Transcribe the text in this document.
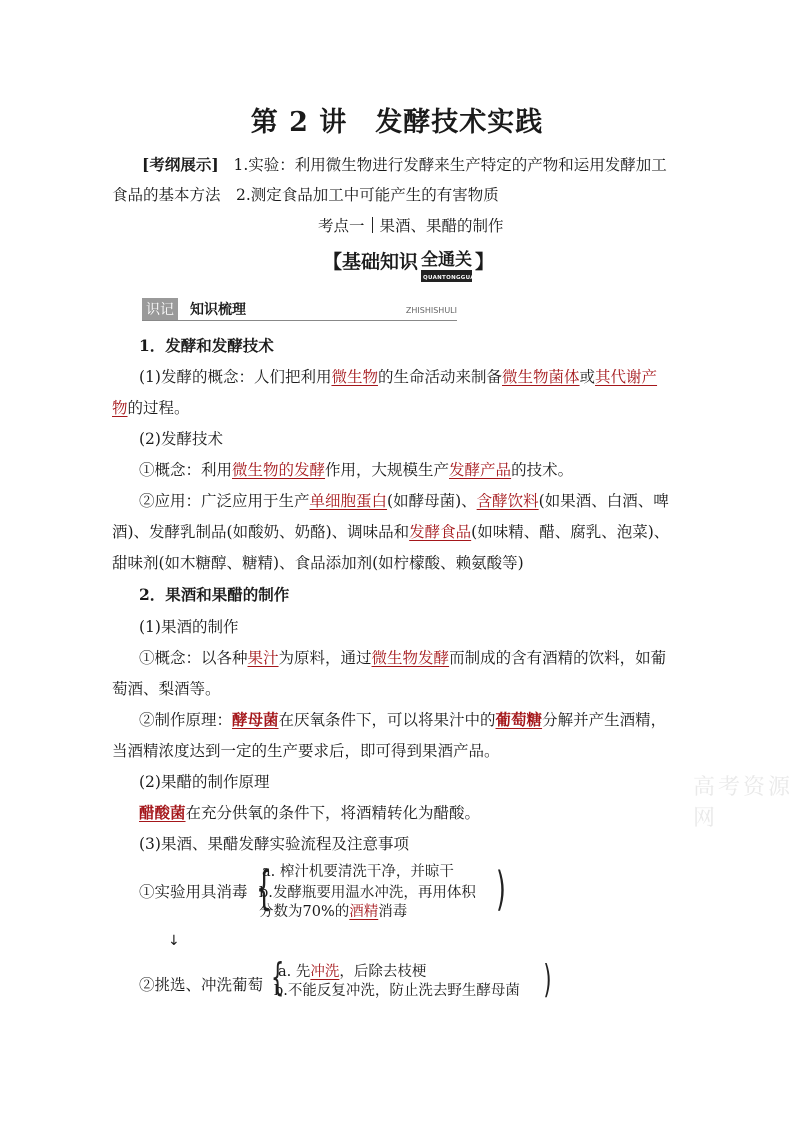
第 2 讲　发酵技术实践
[考纲展示] 1.实验：利用微生物进行发酵来生产特定的产物和运用发酵加工
食品的基本方法　2.测定食品加工中可能产生的有害物质
考点一 果酒、果醋的制作
【基础知识 全通关
QUANTONGGUAN
】
识记 知识梳理	ZHISHISHULI
1．发酵和发酵技术
(1)发酵的概念：人们把利用微生物的生命活动来制备微生物菌体或其代谢产
物的过程。
(2)发酵技术
①概念：利用微生物的发酵作用，大规模生产发酵产品的技术。
②应用：广泛应用于生产单细胞蛋白(如酵母菌)、含酵饮料(如果酒、白酒、啤
酒)、发酵乳制品(如酸奶、奶酪)、调味品和发酵食品(如味精、醋、腐乳、泡菜)、
甜味剂(如木糖醇、糖精)、食品添加剂(如柠檬酸、赖氨酸等)
2．果酒和果醋的制作
(1)果酒的制作
①概念：以各种果汁为原料，通过微生物发酵而制成的含有酒精的饮料，如葡
萄酒、梨酒等。
②制作原理：酵母菌在厌氧条件下，可以将果汁中的葡萄糖分解并产生酒精，
当酒精浓度达到一定的生产要求后，即可得到果酒产品。
(2)果醋的制作原理
醋酸菌在充分供氧的条件下，将酒精转化为醋酸。
(3)果酒、果醋发酵实验流程及注意事项
①实验用具消毒 {
a. 榨汁机要清洗干净，并晾干
b.发酵瓶要用温水冲洗，再用体积
分数为70%的酒精消毒 )
↓
②挑选、冲洗葡萄 {
a. 先冲洗，后除去枝梗
b.不能反复冲洗，防止洗去野生酵母菌 )
高考资源网
